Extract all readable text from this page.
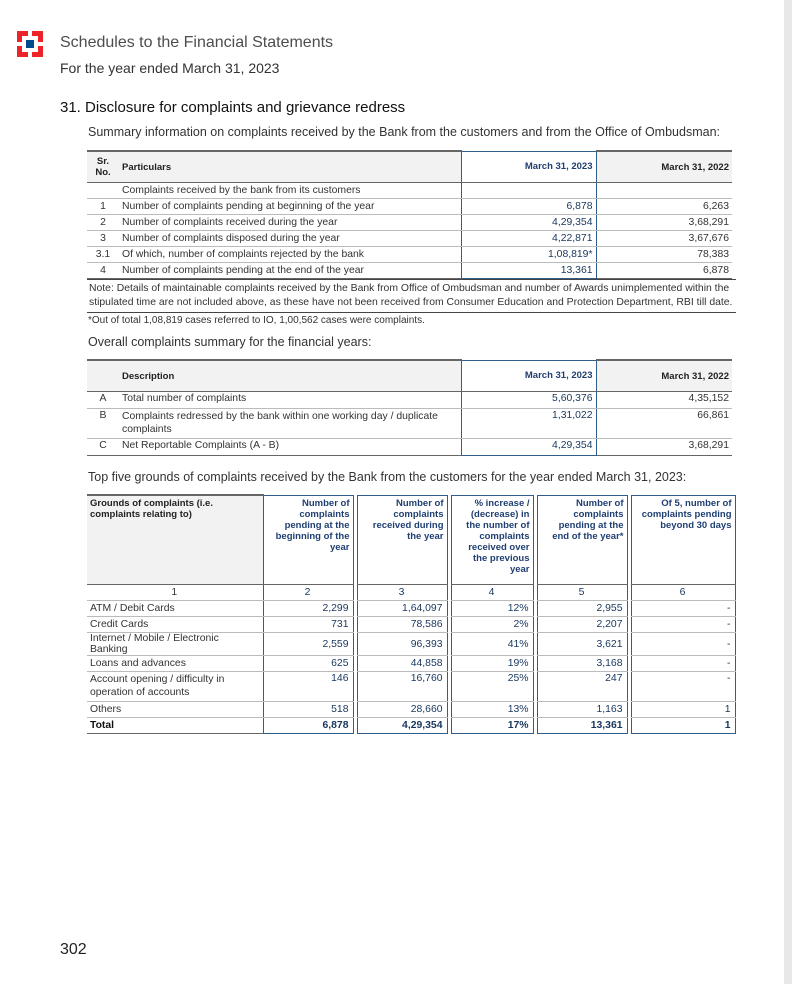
Schedules to the Financial Statements
For the year ended March 31, 2023
31. Disclosure for complaints and grievance redress
Summary information on complaints received by the Bank from the customers and from the Office of Ombudsman:
Sr. No.	Particulars	March 31, 2023	March 31, 2022
	Complaints received by the bank from its customers		
1	Number of complaints pending at beginning of the year	6,878	6,263
2	Number of complaints received during the year	4,29,354	3,68,291
3	Number of complaints disposed during the year	4,22,871	3,67,676
3.1	Of which, number of complaints rejected by the bank	1,08,819*	78,383
4	Number of complaints pending at the end of the year	13,361	6,878
Note: Details of maintainable complaints received by the Bank from Office of Ombudsman and number of Awards unimplemented within the stipulated time are not included above, as these have not been received from Consumer Education and Protection Department, RBI till date.
*Out of total 1,08,819 cases referred to IO, 1,00,562 cases were complaints.
Overall complaints summary for the financial years:
	Description	March 31, 2023	March 31, 2022
A	Total number of complaints	5,60,376	4,35,152
B	Complaints redressed by the bank within one working day / duplicate complaints	1,31,022	66,861
C	Net Reportable Complaints (A - B)	4,29,354	3,68,291
Top five grounds of complaints received by the Bank from the customers for the year ended March 31, 2023:
Grounds of complaints (i.e. complaints relating to)	Number of complaints pending at the beginning of the year		Number of complaints received during the year		% increase / (decrease) in the number of complaints received over the previous year		Number of complaints pending at the end of the year*		Of 5, number of complaints pending beyond 30 days
1	2		3		4		5		6
ATM / Debit Cards	2,299		1,64,097		12%		2,955		-
Credit Cards	731		78,586		2%		2,207		-
Internet / Mobile / Electronic Banking	2,559		96,393		41%		3,621		-
Loans and advances	625		44,858		19%		3,168		-
Account opening / difficulty in operation of accounts	146		16,760		25%		247		-
Others	518		28,660		13%		1,163		1
Total	6,878		4,29,354		17%		13,361		1
302
